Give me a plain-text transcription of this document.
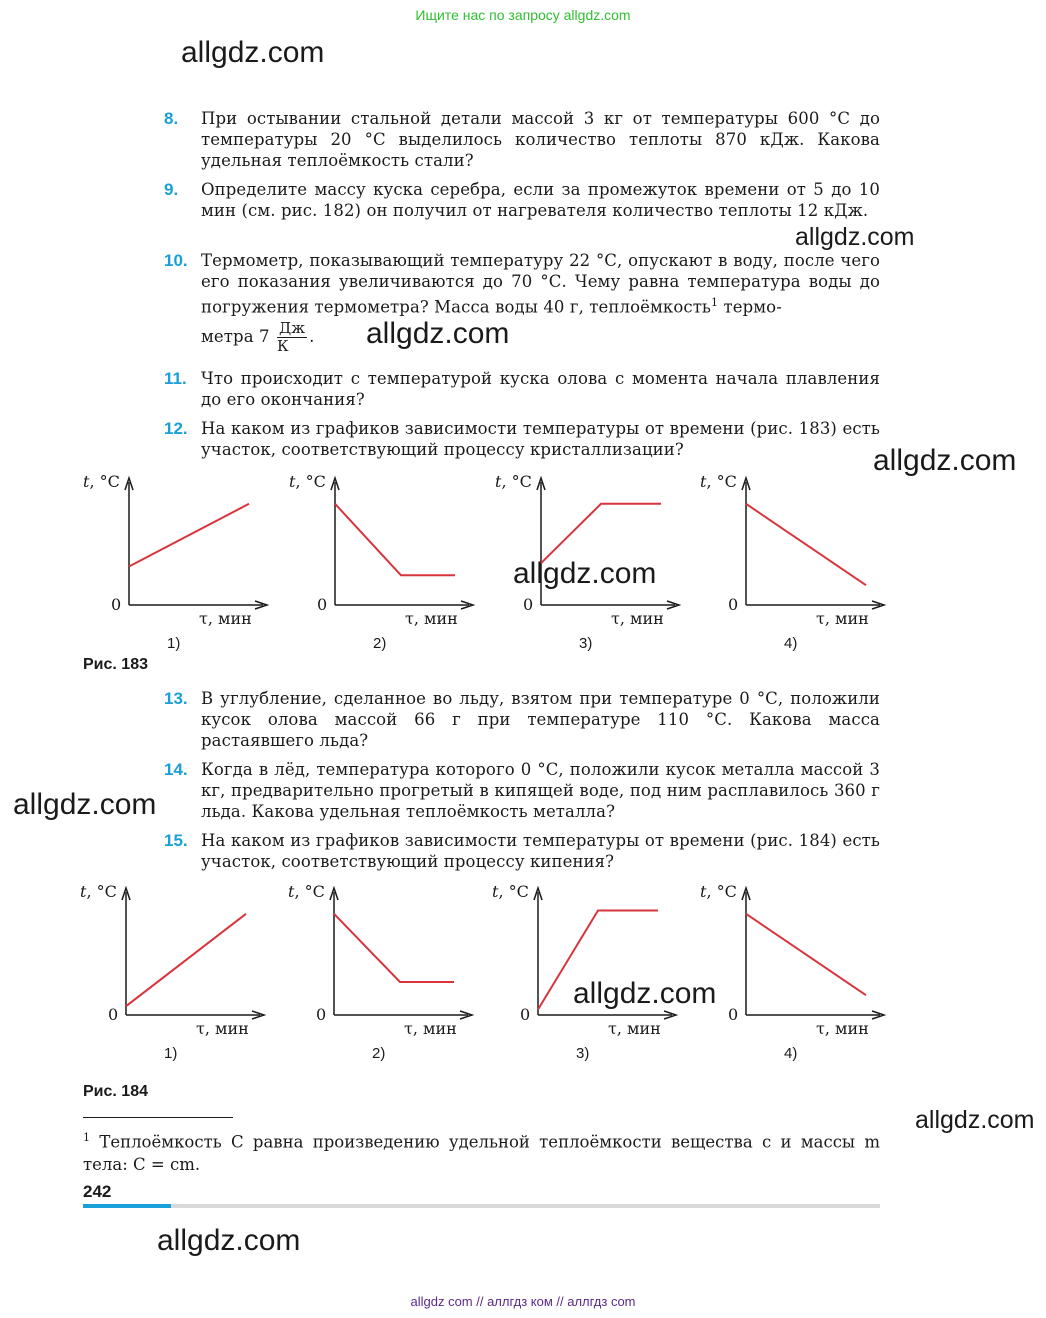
Ищите нас по запросу allgdz.com
allgdz.com
allgdz.com
allgdz.com
allgdz.com
allgdz.com
allgdz.com
allgdz.com
allgdz.com
allgdz.com
8. При остывании стальной детали массой 3 кг от температуры 600 °С до температуры 20 °С выделилось количество теплоты 870 кДж. Какова удельная теплоёмкость стали?
9. Определите массу куска серебра, если за промежуток времени от 5 до 10 мин (см. рис. 182) он получил от нагревателя количество теплоты 12 кДж.
10. Термометр, показывающий температуру 22 °С, опускают в воду, после чего его показания увеличиваются до 70 °С. Чему равна температура воды до погружения термометра? Масса воды 40 г, теплоёмкость$^1$ термо-
метра $7 \frac{Дж}{К}$ .
11. Что происходит с температурой куска олова с момента начала плавления до его окончания?
12. На каком из графиков зависимости температуры от времени (рис. 183) есть участок, соответствующий процессу кристаллизации?
t, °C
0
τ, мин
1)
t, °C
0
τ, мин
2)
t, °C
0
τ, мин
3)
t, °C
0
τ, мин
4)
Рис. 183
13. В углубление, сделанное во льду, взятом при температуре 0 °С, положили кусок олова массой 66 г при температуре 110 °С. Какова масса растаявшего льда?
14. Когда в лёд, температура которого 0 °С, положили кусок металла массой 3 кг, предварительно прогретый в кипящей воде, под ним расплавилось 360 г льда. Какова удельная теплоёмкость металла?
15. На каком из графиков зависимости температуры от времени (рис. 184) есть участок, соответствующий процессу кипения?
t, °C
0
τ, мин
1)
t, °C
0
τ, мин
2)
t, °C
0
τ, мин
3)
t, °C
0
τ, мин
4)
Рис. 184
$^1$ Теплоёмкость C равна произведению удельной теплоёмкости вещества c и массы m тела: C = cm.
242
allgdz com // аллгдз ком // аллгдз com
